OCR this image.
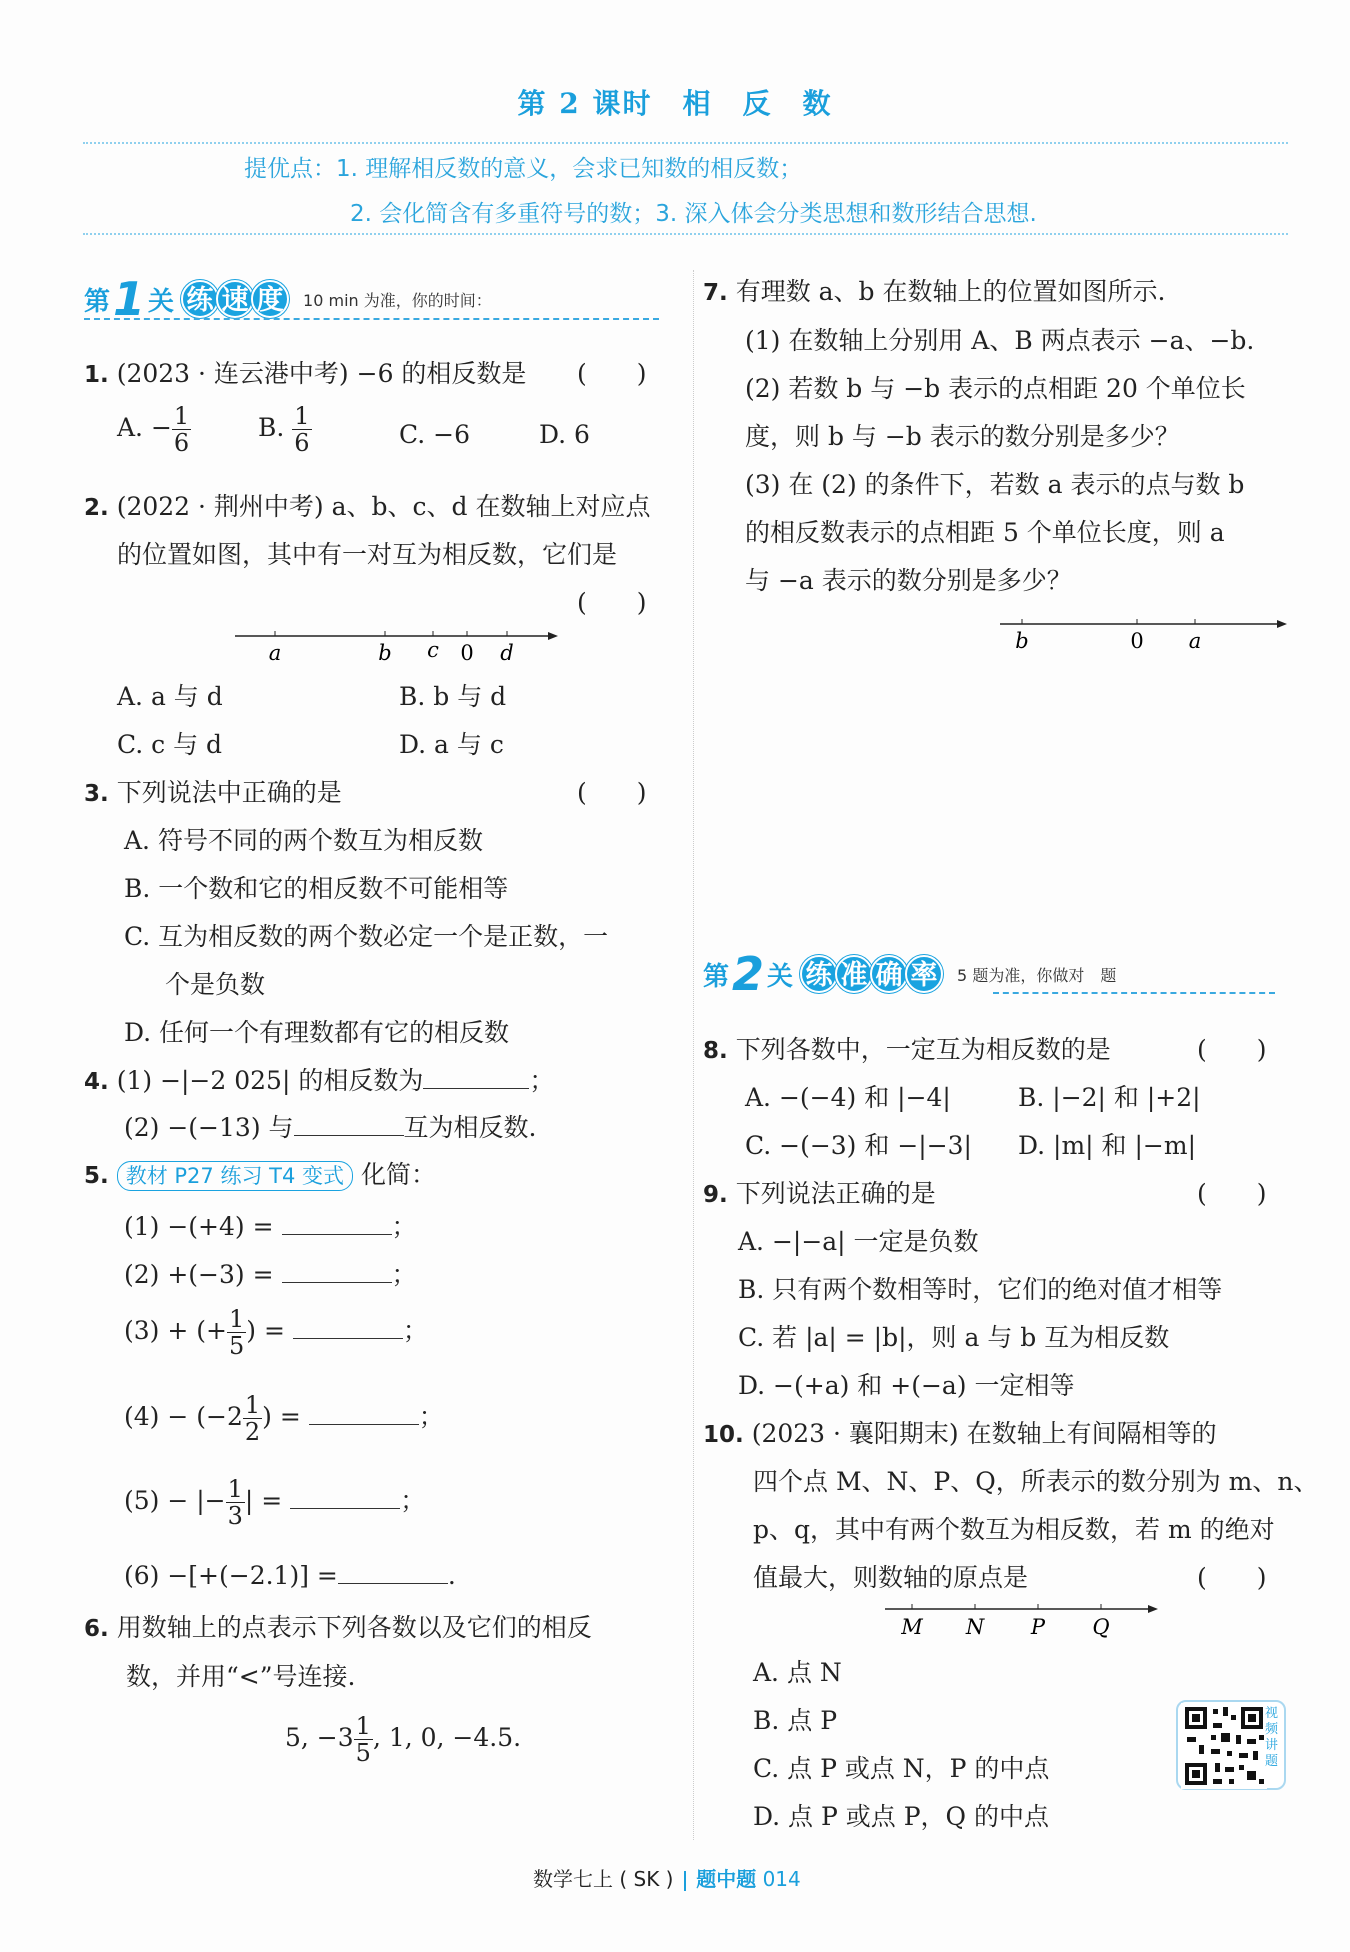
第 2 课时　相　反　数
提优点：1. 理解相反数的意义，会求已知数的相反数；
2. 会化简含有多重符号的数；3. 深入体会分类思想和数形结合思想.
第 1 关 练 速 度	10 min 为准，你的时间：
1. (2023 · 连云港中考) −6 的相反数是 (　　)
A. − $\frac{1}{6}$	B. $\frac{1}{6}$	C. −6	D. 6
2. (2022 · 荆州中考) a、b、c、d 在数轴上对应点
的位置如图，其中有一对互为相反数，它们是
(　　)
a	b c 0 d
A. a 与 d	B. b 与 d
C. c 与 d	D. a 与 c
3. 下列说法中正确的是	(　　)
A. 符号不同的两个数互为相反数
B. 一个数和它的相反数不可能相等
C. 互为相反数的两个数必定一个是正数，一
个是负数
D. 任何一个有理数都有它的相反数
4. (1) −|−2 025| 的相反数为	；
(2) −(−13) 与	互为相反数.
5. 教材 P27 练习 T4 变式 化简：
(1) −(+4) =	；
(2) +(−3) =	；
(3) + (+ $\frac{1}{5}$ ) =	；
$(4) - (-2 \frac{1}{2}$ ) =	；
(5) − |− $\frac{1}{3}$ | =	；
(6) −[+(−2.1)] =	.
6. 用数轴上的点表示下列各数以及它们的相反
数，并用“<”号连接.
5, $-3 \frac{1}{5}$ , 1, 0, −4.5.
7. 有理数 a、b 在数轴上的位置如图所示.
(1) 在数轴上分别用 A、B 两点表示 −a、−b.
(2) 若数 b 与 −b 表示的点相距 20 个单位长
度，则 b 与 −b 表示的数分别是多少？
(3) 在 (2) 的条件下，若数 a 表示的点与数 b
的相反数表示的点相距 5 个单位长度，则 a
与 −a 表示的数分别是多少？
b	0 a
第 2 关 练 准 确 率	5 题为准，你做对　题
8. 下列各数中，一定互为相反数的是	(　　)
A. −(−4) 和 |−4|	B. |−2| 和 |+2|
C. −(−3) 和 −|−3| D. |m| 和 |−m|
9. 下列说法正确的是	(　　)
A. −|−a| 一定是负数
B. 只有两个数相等时，它们的绝对值才相等
C. 若 |a| = |b|，则 a 与 b 互为相反数
D. −(+a) 和 +(−a) 一定相等
10. (2023 · 襄阳期末) 在数轴上有间隔相等的
四个点 M、N、P、Q，所表示的数分别为 m、n、
p、q，其中有两个数互为相反数，若 m 的绝对
值最大，则数轴的原点是	(　　)
M N P Q
A. 点 N
B. 点 P
C. 点 P 或点 N，P 的中点
D. 点 P 或点 P，Q 的中点
视频讲题
数学七上 ( SK ) 题中题 014
